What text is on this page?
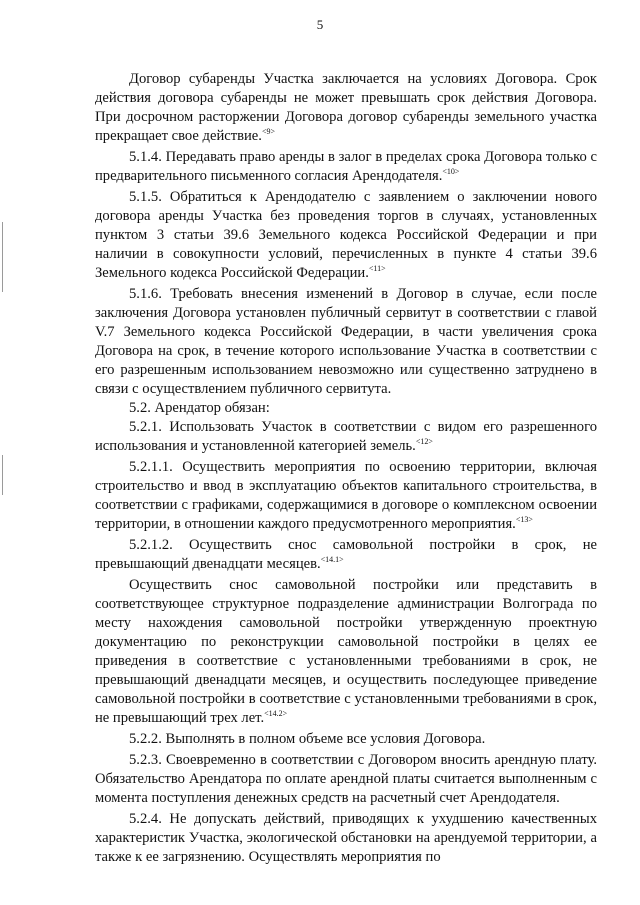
5

Договор субаренды Участка заключается на условиях Договора. Срок действия договора субаренды не может превышать срок действия Договора. При досрочном расторжении Договора договор субаренды земельного участка прекращает свое действие.$^{<9>}$

5.1.4. Передавать право аренды в залог в пределах срока Договора только с предварительного письменного согласия Арендодателя.$^{<10>}$

5.1.5. Обратиться к Арендодателю с заявлением о заключении нового договора аренды Участка без проведения торгов в случаях, установленных пунктом 3 статьи 39.6 Земельного кодекса Российской Федерации и при наличии в совокупности условий, перечисленных в пункте 4 статьи 39.6 Земельного кодекса Российской Федерации.$^{<11>}$

5.1.6. Требовать внесения изменений в Договор в случае, если после заключения Договора установлен публичный сервитут в соответствии с главой V.7 Земельного кодекса Российской Федерации, в части увеличения срока Договора на срок, в течение которого использование Участка в соответствии с его разрешенным использованием невозможно или существенно затруднено в связи с осуществлением публичного сервитута.

5.2. Арендатор обязан:

5.2.1. Использовать Участок в соответствии с видом его разрешенного использования и установленной категорией земель.$^{<12>}$

5.2.1.1. Осуществить мероприятия по освоению территории, включая строительство и ввод в эксплуатацию объектов капитального строительства, в соответствии с графиками, содержащимися в договоре о комплексном освоении территории, в отношении каждого предусмотренного мероприятия.$^{<13>}$

5.2.1.2. Осуществить снос самовольной постройки в срок, не превышающий двенадцати месяцев.$^{<14.1>}$

Осуществить снос самовольной постройки или представить в соответствующее структурное подразделение администрации Волгограда по месту нахождения самовольной постройки утвержденную проектную документацию по реконструкции самовольной постройки в целях ее приведения в соответствие с установленными требованиями в срок, не превышающий двенадцати месяцев, и осуществить последующее приведение самовольной постройки в соответствие с установленными требованиями в срок, не превышающий трех лет.$^{<14.2>}$

5.2.2. Выполнять в полном объеме все условия Договора.

5.2.3. Своевременно в соответствии с Договором вносить арендную плату. Обязательство Арендатора по оплате арендной платы считается выполненным с момента поступления денежных средств на расчетный счет Арендодателя.

5.2.4. Не допускать действий, приводящих к ухудшению качественных характеристик Участка, экологической обстановки на арендуемой территории, а также к ее загрязнению. Осуществлять мероприятия по
